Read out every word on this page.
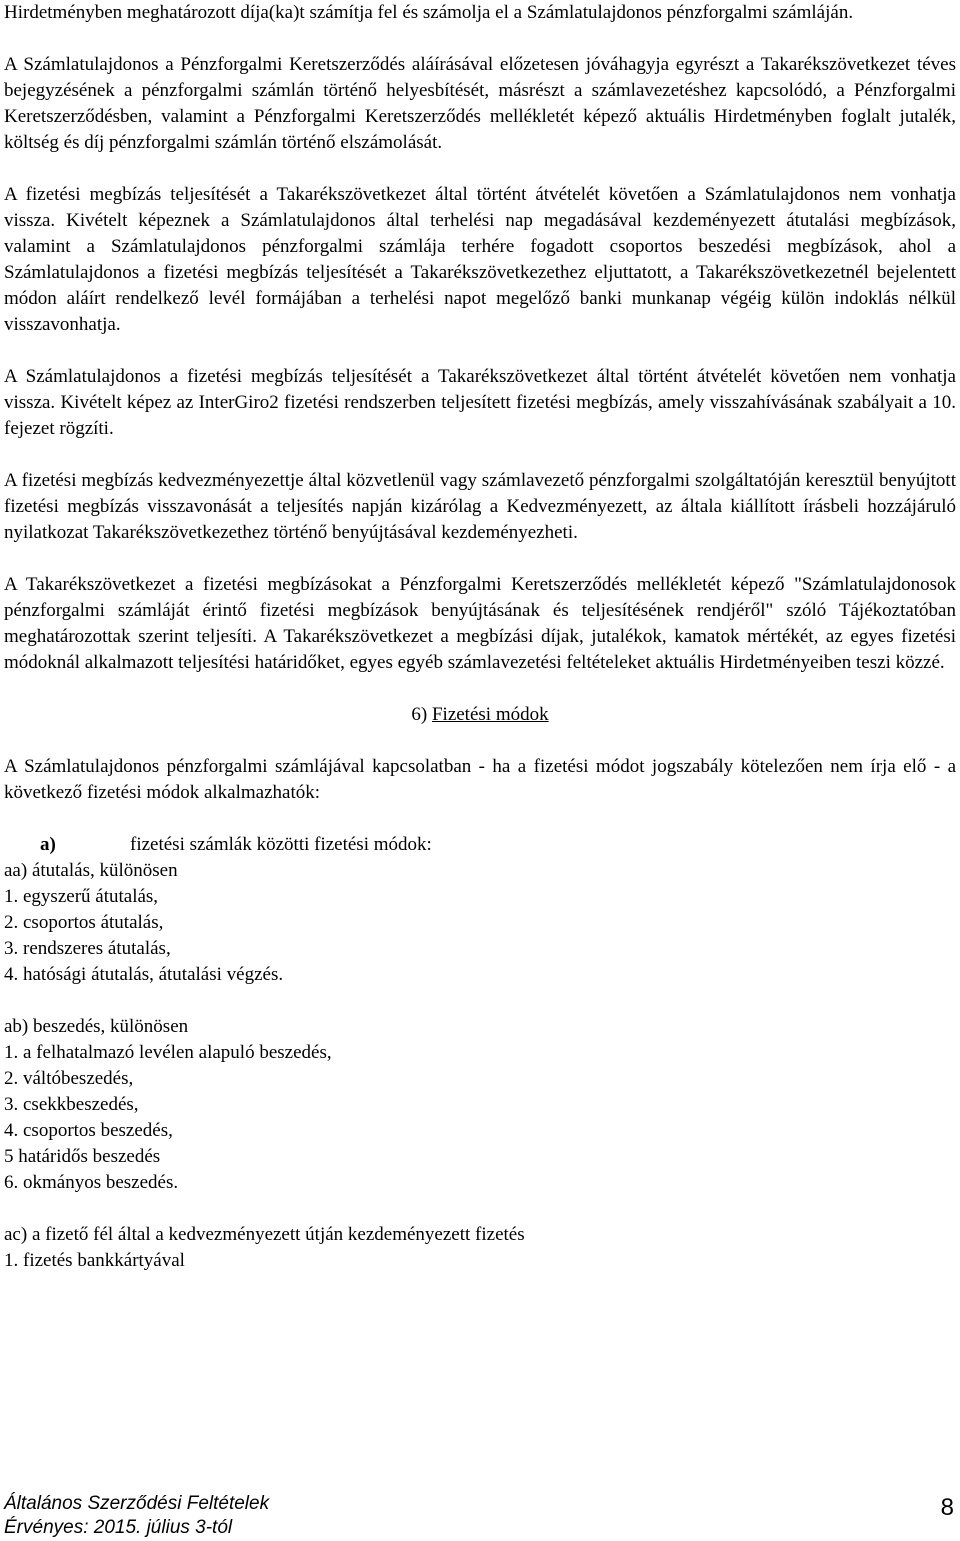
Hirdetményben meghatározott díja(ka)t számítja fel és számolja el a Számlatulajdonos pénzforgalmi számláján.

A Számlatulajdonos a Pénzforgalmi Keretszerződés aláírásával előzetesen jóváhagyja egyrészt a Takarékszövetkezet téves bejegyzésének a pénzforgalmi számlán történő helyesbítését, másrészt a számlavezetéshez kapcsolódó, a Pénzforgalmi Keretszerződésben, valamint a Pénzforgalmi Keretszerződés mellékletét képező aktuális Hirdetményben foglalt jutalék, költség és díj pénzforgalmi számlán történő elszámolását.

A fizetési megbízás teljesítését a Takarékszövetkezet által történt átvételét követően a Számlatulajdonos nem vonhatja vissza. Kivételt képeznek a Számlatulajdonos által terhelési nap megadásával kezdeményezett átutalási megbízások, valamint a Számlatulajdonos pénzforgalmi számlája terhére fogadott csoportos beszedési megbízások, ahol a Számlatulajdonos a fizetési megbízás teljesítését a Takarékszövetkezethez eljuttatott, a Takarékszövetkezetnél bejelentett módon aláírt rendelkező levél formájában a terhelési napot megelőző banki munkanap végéig külön indoklás nélkül visszavonhatja.

A Számlatulajdonos a fizetési megbízás teljesítését a Takarékszövetkezet által történt átvételét követően nem vonhatja vissza. Kivételt képez az InterGiro2 fizetési rendszerben teljesített fizetési megbízás, amely visszahívásának szabályait a 10. fejezet rögzíti.

A fizetési megbízás kedvezményezettje által közvetlenül vagy számlavezető pénzforgalmi szolgáltatóján keresztül benyújtott fizetési megbízás visszavonását a teljesítés napján kizárólag a Kedvezményezett, az általa kiállított írásbeli hozzájáruló nyilatkozat Takarékszövetkezethez történő benyújtásával kezdeményezheti.

A Takarékszövetkezet a fizetési megbízásokat a Pénzforgalmi Keretszerződés mellékletét képező "Számlatulajdonosok pénzforgalmi számláját érintő fizetési megbízások benyújtásának és teljesítésének rendjéről" szóló Tájékoztatóban meghatározottak szerint teljesíti. A Takarékszövetkezet a megbízási díjak, jutalékok, kamatok mértékét, az egyes fizetési módoknál alkalmazott teljesítési határidőket, egyes egyéb számlavezetési feltételeket aktuális Hirdetményeiben teszi közzé.

6) Fizetési módok

A Számlatulajdonos pénzforgalmi számlájával kapcsolatban - ha a fizetési módot jogszabály kötelezően nem írja elő - a következő fizetési módok alkalmazhatók:

a)	fizetési számlák közötti fizetési módok:

aa) átutalás, különösen

1. egyszerű átutalás,

2. csoportos átutalás,

3. rendszeres átutalás,

4. hatósági átutalás, átutalási végzés.

ab) beszedés, különösen

1. a felhatalmazó levélen alapuló beszedés,

2. váltóbeszedés,

3. csekkbeszedés,

4. csoportos beszedés,

5 határidős beszedés

6. okmányos beszedés.

ac) a fizető fél által a kedvezményezett útján kezdeményezett fizetés

1. fizetés bankkártyával

Általános Szerződési Feltételek
Érvényes: 2015. július 3-tól
8
